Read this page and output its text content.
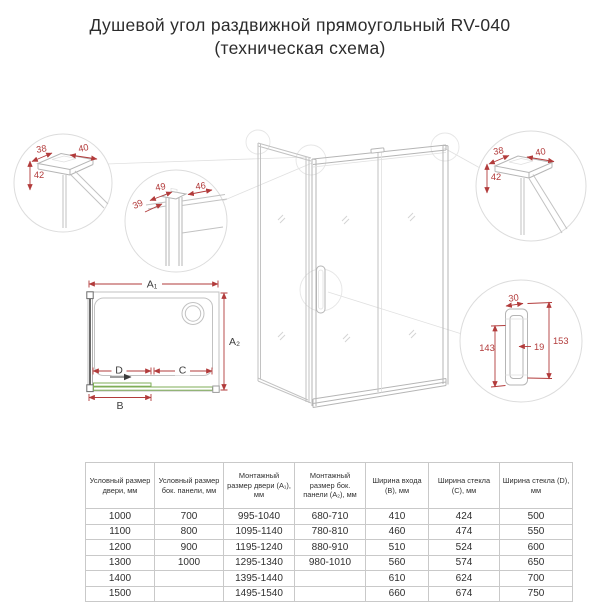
Душевой угол раздвижной прямоугольный RV-040
(техническая схема)
38	40
42
49	46
39
38	40
42
30
153
143	19
A₁
A₂
D	C
B
Условный размер двери, мм	Условный размер бок. панели, мм	Монтажный размер двери (A₁), мм	Монтажный размер бок. панели (A₂), мм	Ширина входа (B), мм	Ширина стекла (C), мм	Ширина стекла (D), мм
1000	700	995-1040	680-710	410	424	500
1100	800	1095-1140	780-810	460	474	550
1200	900	1195-1240	880-910	510	524	600
1300	1000	1295-1340	980-1010	560	574	650
1400		1395-1440		610	624	700
1500		1495-1540		660	674	750
